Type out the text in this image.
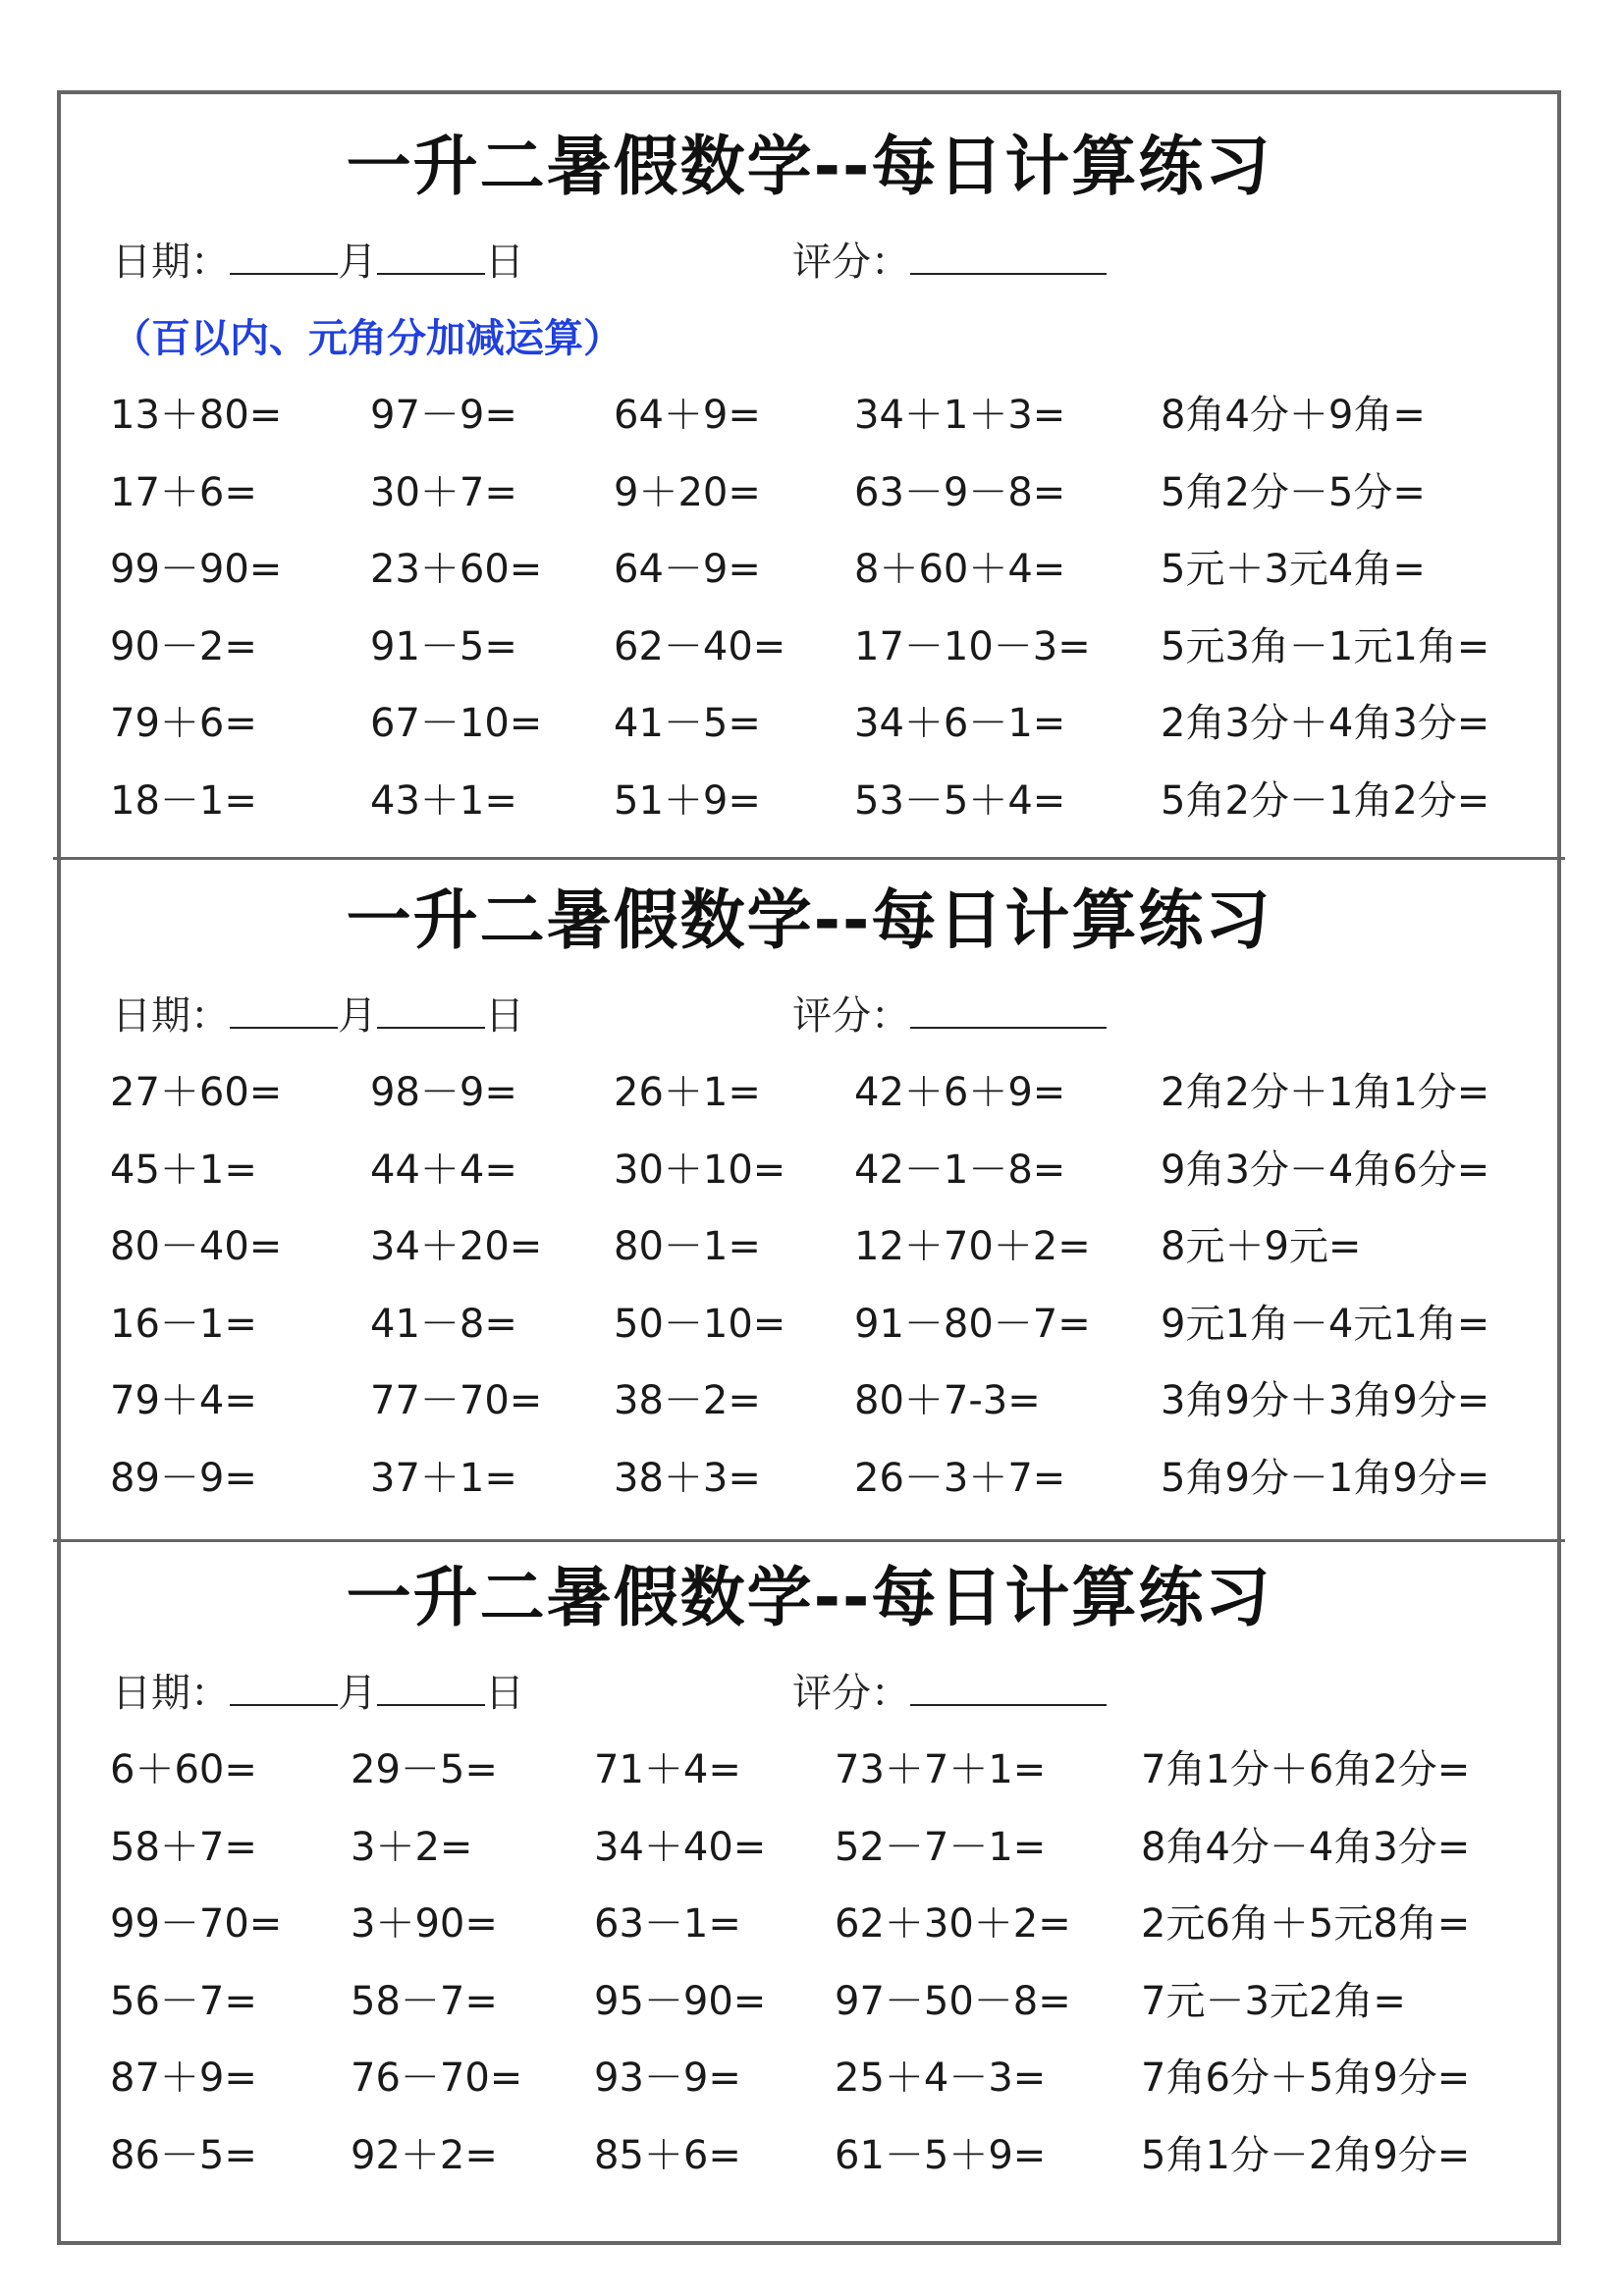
一升二暑假数学--每日计算练习
日期：	月	日	评分：
（百以内、元角分加减运算）
13＋80= 97－9= 64＋9= 34＋1＋3= 8角4分＋9角=
17＋6=	30＋7= 9＋20= 63－9－8= 5角2分－5分=
99－90= 23＋60= 64－9= 8＋60＋4= 5元＋3元4角=
90－2=	91－5= 62－40= 17－10－3= 5元3角－1元1角=
79＋6=	67－10= 41－5= 34＋6－1= 2角3分＋4角3分=
18－1=	43＋1= 51＋9= 53－5＋4= 5角2分－1角2分=
一升二暑假数学--每日计算练习
日期：	月	日	评分：
27＋60= 98－9= 26＋1= 42＋6＋9= 2角2分＋1角1分=
45＋1=	44＋4= 30＋10= 42－1－8= 9角3分－4角6分=
80－40= 34＋20= 80－1= 12＋70＋2= 8元＋9元=
16－1=	41－8= 50－10= 91－80－7= 9元1角－4元1角=
79＋4=	77－70= 38－2= 80＋7-3=	3角9分＋3角9分=
89－9=	37＋1= 38＋3= 26－3＋7= 5角9分－1角9分=
一升二暑假数学--每日计算练习
日期：	月	日	评分：
6＋60= 29－5= 71＋4= 73＋7＋1= 7角1分＋6角2分=
58＋7= 3＋2=	34＋40= 52－7－1= 8角4分－4角3分=
99－70= 3＋90= 63－1= 62＋30＋2= 2元6角＋5元8角=
56－7= 58－7= 95－90= 97－50－8= 7元－3元2角=
87＋9= 76－70= 93－9= 25＋4－3= 7角6分＋5角9分=
86－5= 92＋2= 85＋6= 61－5＋9= 5角1分－2角9分=
